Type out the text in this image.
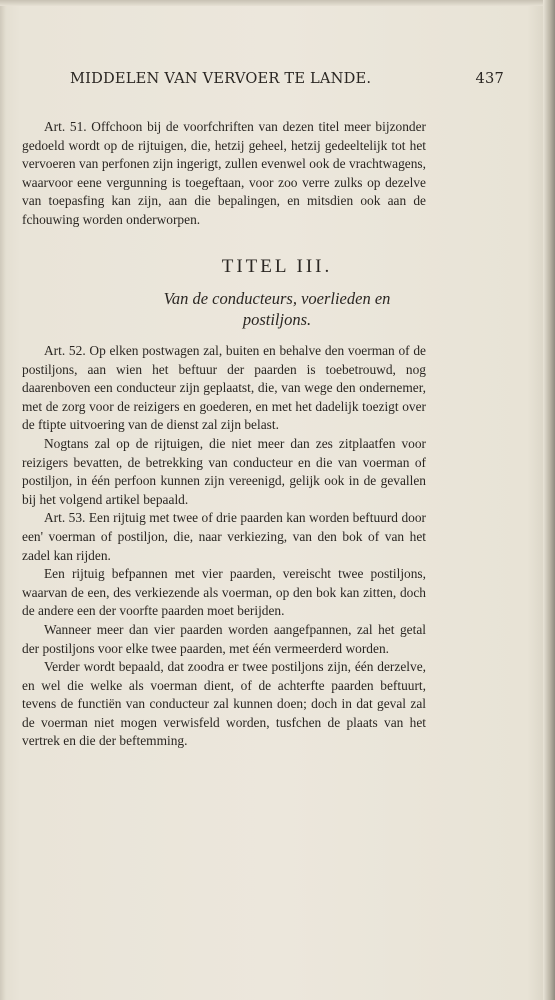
MIDDELEN VAN VERVOER TE LANDE.	437

Art. 51. Offchoon bij de voorfchriften van dezen titel meer bijzonder gedoeld wordt op de rijtuigen, die, hetzij geheel, hetzij gedeeltelijk tot het vervoeren van perfonen zijn ingerigt, zullen evenwel ook de vrachtwagens, waarvoor eene vergunning is toegeftaan, voor zoo verre zulks op dezelve van toepasfing kan zijn, aan die bepalingen, en mitsdien ook aan de fchouwing worden onderworpen.

TITEL III.
Van de conducteurs, voerlieden en
postiljons.

Art. 52. Op elken postwagen zal, buiten en behalve den voerman of de postiljons, aan wien het beftuur der paarden is toebetrouwd, nog daarenboven een conducteur zijn geplaatst, die, van wege den ondernemer, met de zorg voor de reizigers en goederen, en met het dadelijk toezigt over de ftipte uitvoering van de dienst zal zijn belast.

Nogtans zal op de rijtuigen, die niet meer dan zes zitplaatfen voor reizigers bevatten, de betrekking van conducteur en die van voerman of postiljon, in één perfoon kunnen zijn vereenigd, gelijk ook in de gevallen bij het volgend artikel bepaald.

Art. 53. Een rijtuig met twee of drie paarden kan worden beftuurd door een' voerman of postiljon, die, naar verkiezing, van den bok of van het zadel kan rijden.

Een rijtuig befpannen met vier paarden, vereischt twee postiljons, waarvan de een, des verkiezende als voerman, op den bok kan zitten, doch de andere een der voorfte paarden moet berijden.

Wanneer meer dan vier paarden worden aangefpannen, zal het getal der postiljons voor elke twee paarden, met één vermeerderd worden.

Verder wordt bepaald, dat zoodra er twee postiljons zijn, één derzelve, en wel die welke als voerman dient, of de achterfte paarden beftuurt, tevens de functiën van conducteur zal kunnen doen; doch in dat geval zal de voerman niet mogen verwisfeld worden, tusfchen de plaats van het vertrek en die der beftemming.
